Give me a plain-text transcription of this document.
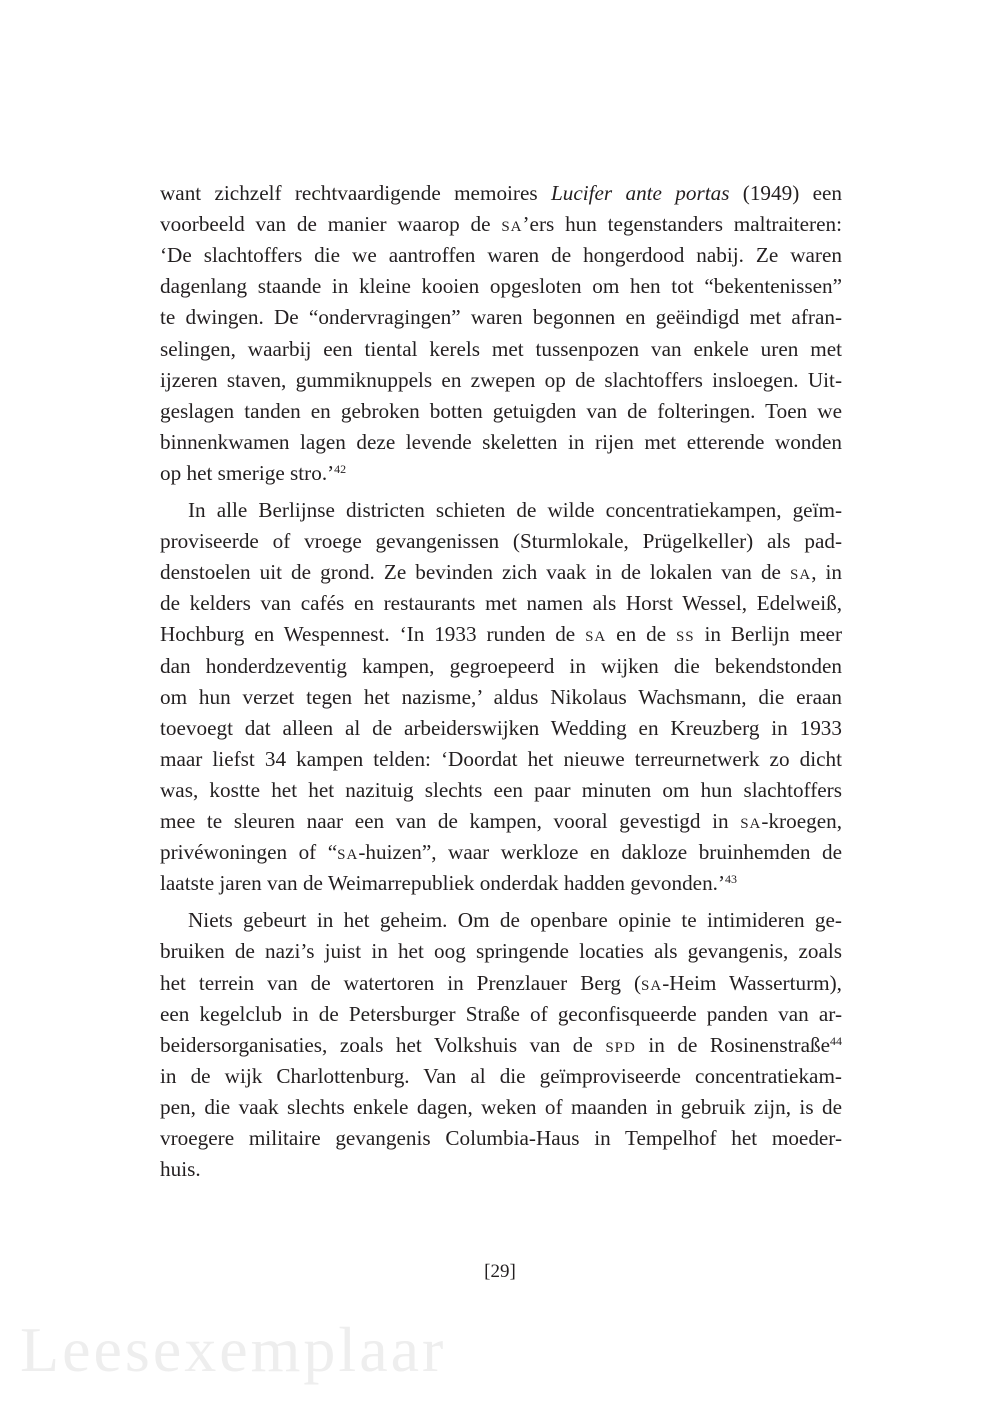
Leesexemplaar
want zichzelf rechtvaardigende memoires Lucifer ante portas (1949) een
voorbeeld van de manier waarop de sa’ers hun tegenstanders maltraiteren:
‘De slachtoffers die we aantroffen waren de hongerdood nabij. Ze waren
dagenlang staande in kleine kooien opgesloten om hen tot “bekentenissen”
te dwingen. De “ondervragingen” waren begonnen en geëindigd met afran-
selingen, waarbij een tiental kerels met tussenpozen van enkele uren met
ijzeren staven, gummiknuppels en zwepen op de slachtoffers insloegen. Uit-
geslagen tanden en gebroken botten getuigden van de folteringen. Toen we
binnenkwamen lagen deze levende skeletten in rijen met etterende wonden
op het smerige stro.’$^{42}$
In alle Berlijnse districten schieten de wilde concentratiekampen, geïm-
proviseerde of vroege gevangenissen (Sturmlokale, Prügelkeller) als pad-
denstoelen uit de grond. Ze bevinden zich vaak in de lokalen van de sa, in
de kelders van cafés en restaurants met namen als Horst Wessel, Edelweiß,
Hochburg en Wespennest. ‘In 1933 runden de sa en de ss in Berlijn meer
dan honderdzeventig kampen, gegroepeerd in wijken die bekendstonden
om hun verzet tegen het nazisme,’ aldus Nikolaus Wachsmann, die eraan
toevoegt dat alleen al de arbeiderswijken Wedding en Kreuzberg in 1933
maar liefst 34 kampen telden: ‘Doordat het nieuwe terreurnetwerk zo dicht
was, kostte het het nazituig slechts een paar minuten om hun slachtoffers
mee te sleuren naar een van de kampen, vooral gevestigd in sa-kroegen,
privéwoningen of “sa-huizen”, waar werkloze en dakloze bruinhemden de
laatste jaren van de Weimarrepubliek onderdak hadden gevonden.’$^{43}$
Niets gebeurt in het geheim. Om de openbare opinie te intimideren ge-
bruiken de nazi’s juist in het oog springende locaties als gevangenis, zoals
het terrein van de watertoren in Prenzlauer Berg (sa-Heim Wasserturm),
een kegelclub in de Petersburger Straße of geconfisqueerde panden van ar-
beidersorganisaties, zoals het Volkshuis van de spd in de Rosinenstraße$^{44}$
in de wijk Charlottenburg. Van al die geïmproviseerde concentratiekam-
pen, die vaak slechts enkele dagen, weken of maanden in gebruik zijn, is de
vroegere militaire gevangenis Columbia-Haus in Tempelhof het moeder-
huis.
[29]
